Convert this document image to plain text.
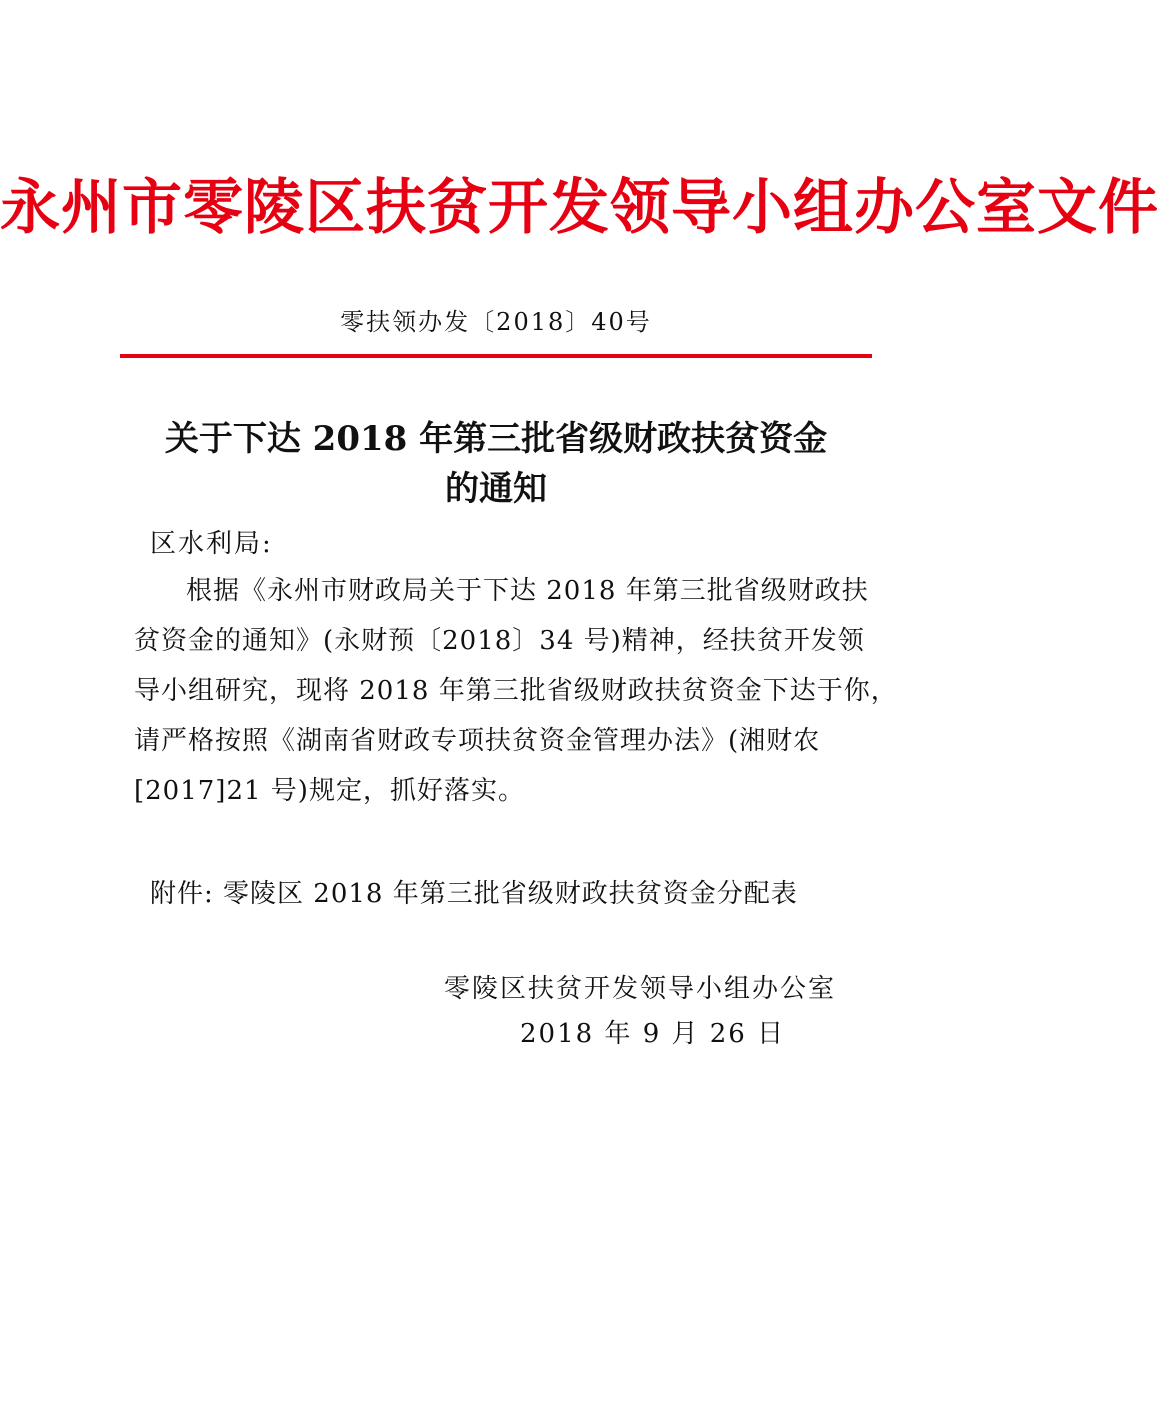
永州市零陵区扶贫开发领导小组办公室文件
零扶领办发〔2018〕40号
关于下达 2018 年第三批省级财政扶贫资金
的通知
区水利局:
根据《永州市财政局关于下达 2018 年第三批省级财政扶
贫资金的通知》(永财预〔2018〕34 号)精神，经扶贫开发领
导小组研究，现将 2018 年第三批省级财政扶贫资金下达于你，
请严格按照《湖南省财政专项扶贫资金管理办法》(湘财农
[2017]21 号)规定，抓好落实。
附件: 零陵区 2018 年第三批省级财政扶贫资金分配表
零陵区扶贫开发领导小组办公室
2018 年 9 月 26 日
